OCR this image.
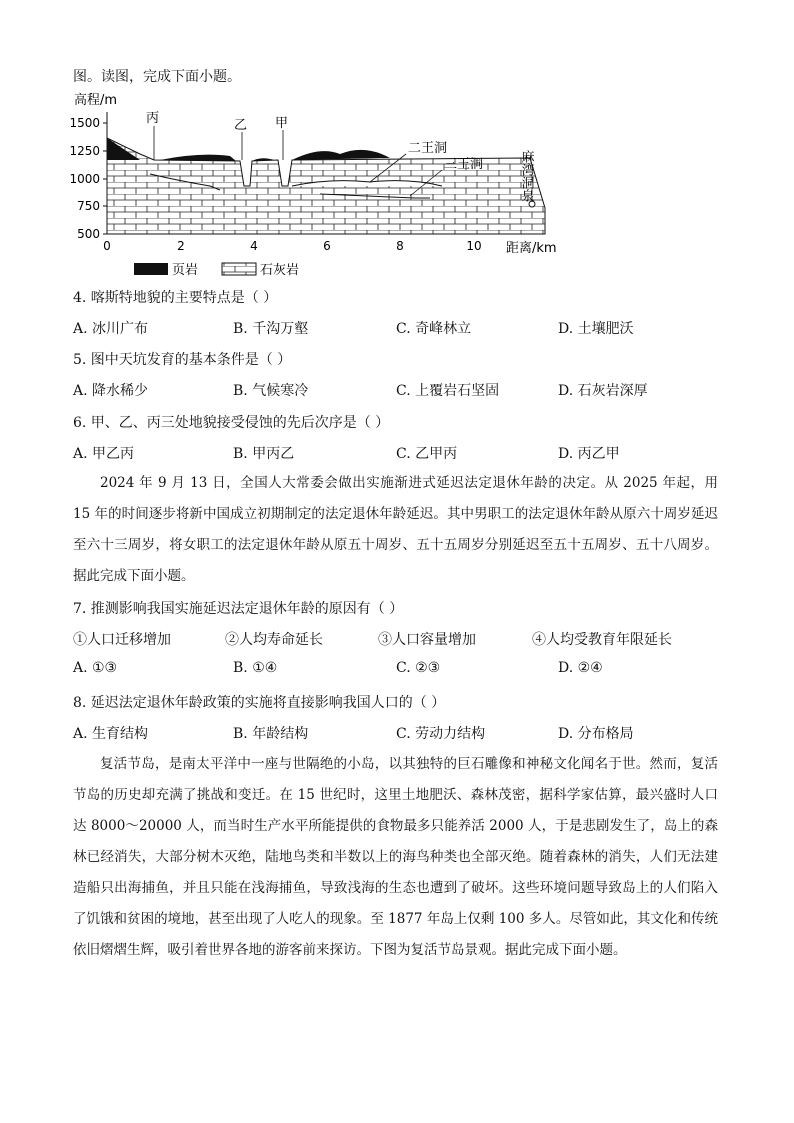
图。读图，完成下面小题。
高程/m
1500
1250
1000
750
500
丙	乙 甲
二王洞
三王洞	麻湾洞泉
0	2	4	6	8	10 距离/km
页岩	石灰岩
4. 喀斯特地貌的主要特点是（ ）
A. 冰川广布	B. 千沟万壑	C. 奇峰林立	D. 土壤肥沃
5. 图中天坑发育的基本条件是（ ）
A. 降水稀少	B. 气候寒冷	C. 上覆岩石坚固	D. 石灰岩深厚
6. 甲、乙、丙三处地貌接受侵蚀的先后次序是（ ）
A. 甲乙丙	B. 甲丙乙	C. 乙甲丙	D. 丙乙甲
2024 年 9 月 13 日，全国人大常委会做出实施渐进式延迟法定退休年龄的决定。从 2025 年起，用 15 年的时间逐步将新中国成立初期制定的法定退休年龄延迟。其中男职工的法定退休年龄从原六十周岁延迟至六十三周岁，将女职工的法定退休年龄从原五十周岁、五十五周岁分别延迟至五十五周岁、五十八周岁。据此完成下面小题。
7. 推测影响我国实施延迟法定退休年龄的原因有（ ）
①人口迁移增加	②人均寿命延长	③人口容量增加	④人均受教育年限延长
A. ①③	B. ①④	C. ②③	D. ②④
8. 延迟法定退休年龄政策的实施将直接影响我国人口的（ ）
A. 生育结构	B. 年龄结构	C. 劳动力结构	D. 分布格局
复活节岛，是南太平洋中一座与世隔绝的小岛，以其独特的巨石雕像和神秘文化闻名于世。然而，复活节岛的历史却充满了挑战和变迁。在 15 世纪时，这里土地肥沃、森林茂密，据科学家估算，最兴盛时人口达 8000～20000 人，而当时生产水平所能提供的食物最多只能养活 2000 人，于是悲剧发生了，岛上的森林已经消失，大部分树木灭绝，陆地鸟类和半数以上的海鸟种类也全部灭绝。随着森林的消失，人们无法建造船只出海捕鱼，并且只能在浅海捕鱼，导致浅海的生态也遭到了破坏。这些环境问题导致岛上的人们陷入了饥饿和贫困的境地，甚至出现了人吃人的现象。至 1877 年岛上仅剩 100 多人。尽管如此，其文化和传统依旧熠熠生辉，吸引着世界各地的游客前来探访。下图为复活节岛景观。据此完成下面小题。
